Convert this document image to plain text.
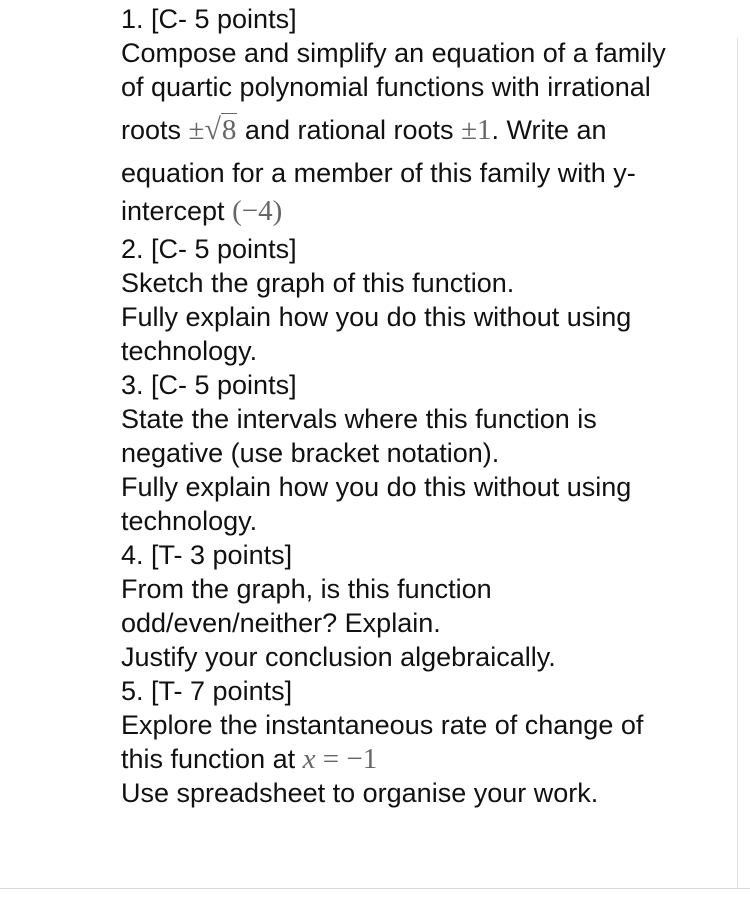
1. [C- 5 points]
Compose and simplify an equation of a family
of quartic polynomial functions with irrational
roots ±√8 and rational roots ±1. Write an
equation for a member of this family with y-
intercept (−4)
2. [C- 5 points]
Sketch the graph of this function.
Fully explain how you do this without using
technology.
3. [C- 5 points]
State the intervals where this function is
negative (use bracket notation).
Fully explain how you do this without using
technology.
4. [T- 3 points]
From the graph, is this function
odd/even/neither? Explain.
Justify your conclusion algebraically.
5. [T- 7 points]
Explore the instantaneous rate of change of
this function at x = −1
Use spreadsheet to organise your work.
